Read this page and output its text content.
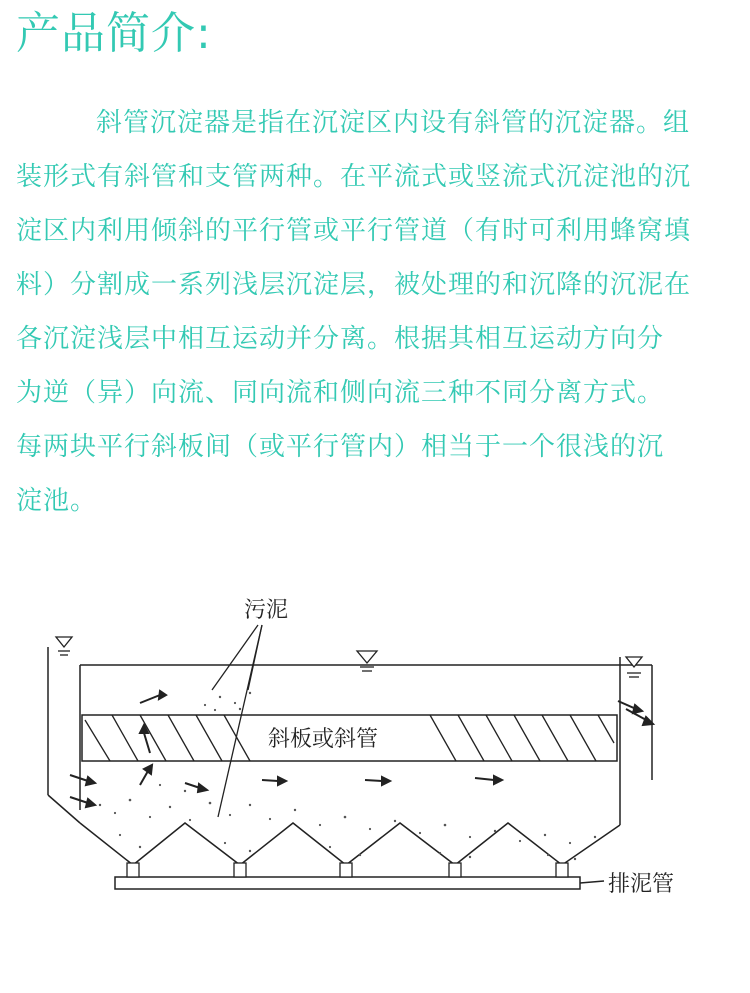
产品简介:
斜管沉淀器是指在沉淀区内设有斜管的沉淀器。组
装形式有斜管和支管两种。在平流式或竖流式沉淀池的沉
淀区内利用倾斜的平行管或平行管道（有时可利用蜂窝填
料）分割成一系列浅层沉淀层，被处理的和沉降的沉泥在
各沉淀浅层中相互运动并分离。根据其相互运动方向分
为逆（异）向流、同向流和侧向流三种不同分离方式。
每两块平行斜板间（或平行管内）相当于一个很浅的沉
淀池。
斜板或斜管
污泥
排泥管
